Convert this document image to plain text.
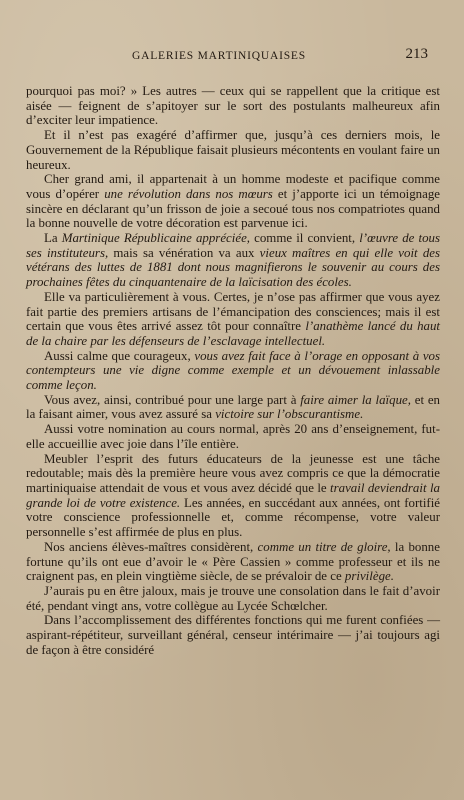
GALERIES MARTINIQUAISES	213

pourquoi pas moi? » Les autres — ceux qui se rappellent que la critique est aisée — feignent de s’apitoyer sur le sort des postulants malheureux afin d’exciter leur impatience.

Et il n’est pas exagéré d’affirmer que, jusqu’à ces derniers mois, le Gouvernement de la République faisait plusieurs mécontents en voulant faire un heureux.

Cher grand ami, il appartenait à un homme modeste et pacifique comme vous d’opérer une révolution dans nos mœurs et j’apporte ici un témoignage sincère en déclarant qu’un frisson de joie a secoué tous nos compatriotes quand la bonne nouvelle de votre décoration est parvenue ici.

La Martinique Républicaine appréciée, comme il convient, l’œuvre de tous ses instituteurs, mais sa vénération va aux vieux maîtres en qui elle voit des vétérans des luttes de 1881 dont nous magnifierons le souvenir au cours des prochaines fêtes du cinquantenaire de la laïcisation des écoles.

Elle va particulièrement à vous. Certes, je n’ose pas affirmer que vous ayez fait partie des premiers artisans de l’émancipation des consciences; mais il est certain que vous êtes arrivé assez tôt pour connaître l’anathème lancé du haut de la chaire par les défenseurs de l’esclavage intellectuel.

Aussi calme que courageux, vous avez fait face à l’orage en opposant à vos contempteurs une vie digne comme exemple et un dévouement inlassable comme leçon.

Vous avez, ainsi, contribué pour une large part à faire aimer la laïque, et en la faisant aimer, vous avez assuré sa victoire sur l’obscurantisme.

Aussi votre nomination au cours normal, après 20 ans d’enseignement, fut-elle accueillie avec joie dans l’île entière.

Meubler l’esprit des futurs éducateurs de la jeunesse est une tâche redoutable; mais dès la première heure vous avez compris ce que la démocratie martiniquaise attendait de vous et vous avez décidé que le travail deviendrait la grande loi de votre existence. Les années, en succédant aux années, ont fortifié votre conscience professionnelle et, comme récompense, votre valeur personnelle s’est affirmée de plus en plus.

Nos anciens élèves-maîtres considèrent, comme un titre de gloire, la bonne fortune qu’ils ont eue d’avoir le « Père Cassien » comme professeur et ils ne craignent pas, en plein vingtième siècle, de se prévaloir de ce privilège.

J’aurais pu en être jaloux, mais je trouve une consolation dans le fait d’avoir été, pendant vingt ans, votre collègue au Lycée Schœlcher.

Dans l’accomplissement des différentes fonctions qui me furent confiées — aspirant-répétiteur, surveillant général, censeur intérimaire — j’ai toujours agi de façon à être considéré
